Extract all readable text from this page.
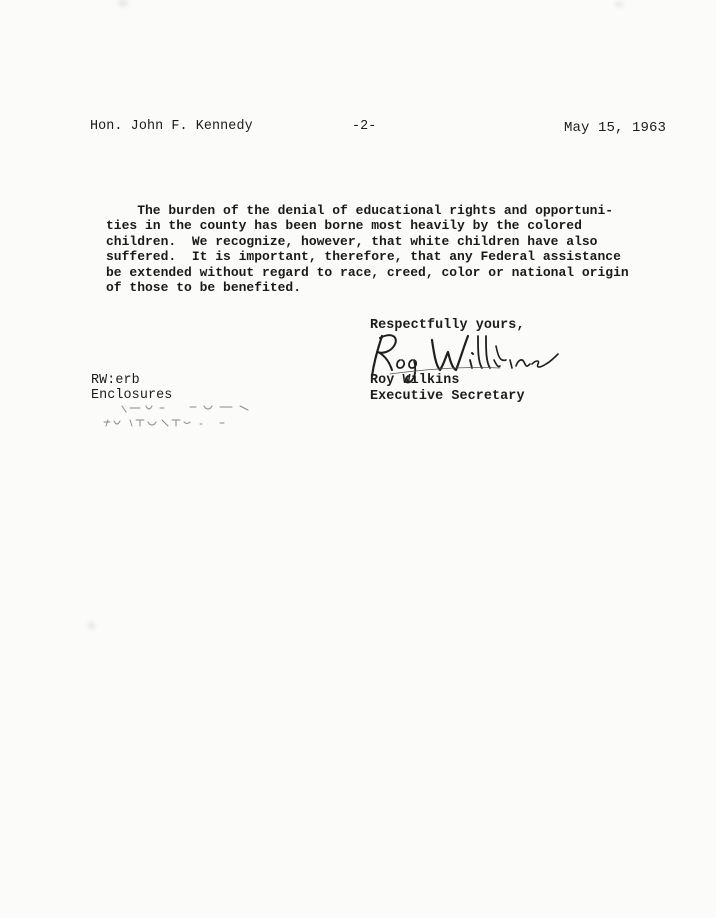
Hon. John F. Kennedy	-2-	May 15, 1963
The burden of the denial of educational rights and opportuni-
ties in the county has been borne most heavily by the colored
children.  We recognize, however, that white children have also
suffered.  It is important, therefore, that any Federal assistance
be extended without regard to race, creed, color or national origin
of those to be benefited.
Respectfully yours,
Roy Wilkins
Executive Secretary
RW:erb
Enclosures
